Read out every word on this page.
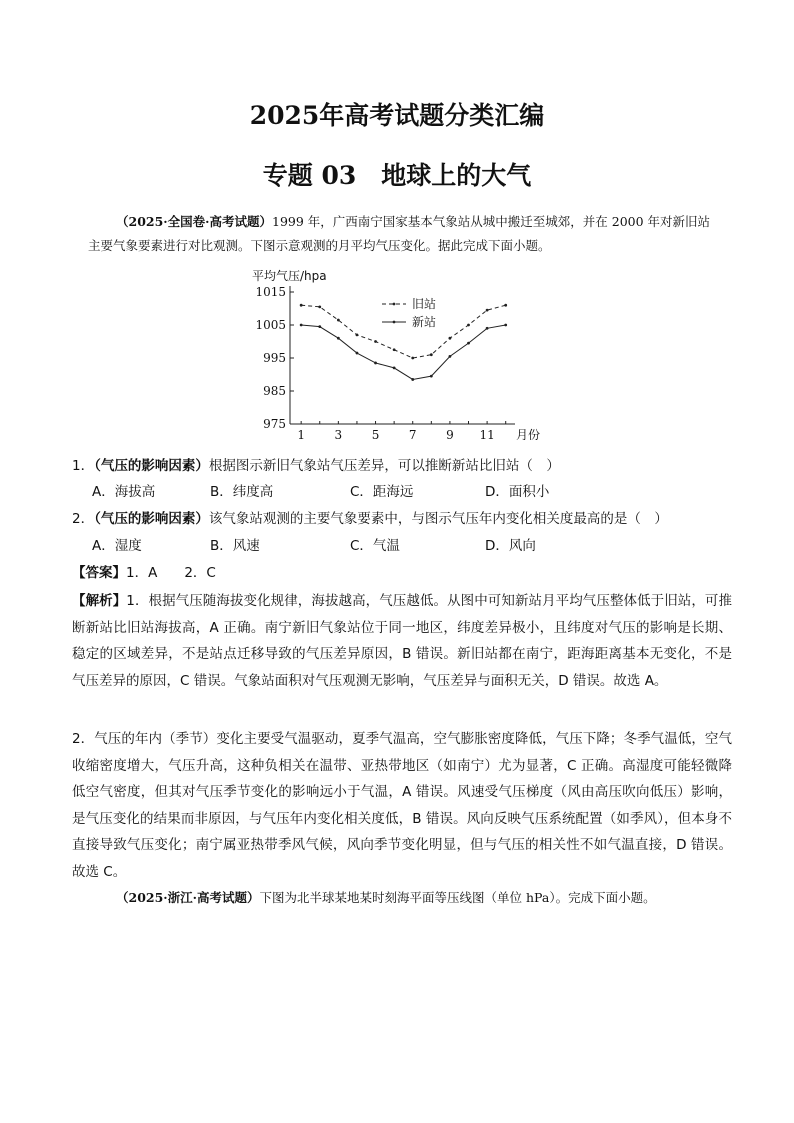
2025年高考试题分类汇编
专题 03　地球上的大气
（2025·全国卷·高考试题）1999 年，广西南宁国家基本气象站从城中搬迁至城郊，并在 2000 年对新旧站主要气象要素进行对比观测。下图示意观测的月平均气压变化。据此完成下面小题。
平均气压/hpa
1015
1005
995
985
975
1 3 5 7 9 11 月份
旧站
新站
1．（气压的影响因素）根据图示新旧气象站气压差异，可以推断新站比旧站（　）
A．海拔高	B．纬度高	C．距海远	D．面积小
2．（气压的影响因素）该气象站观测的主要气象要素中，与图示气压年内变化相关度最高的是（　）
A．湿度	B．风速	C．气温	D．风向
【答案】1．A　　2．C
【解析】1．根据气压随海拔变化规律，海拔越高，气压越低。从图中可知新站月平均气压整体低于旧站，可推断新站比旧站海拔高，A 正确。南宁新旧气象站位于同一地区，纬度差异极小，且纬度对气压的影响是长期、稳定的区域差异，不是站点迁移导致的气压差异原因，B 错误。新旧站都在南宁，距海距离基本无变化，不是气压差异的原因，C 错误。气象站面积对气压观测无影响，气压差异与面积无关，D 错误。故选 A。
2．气压的年内（季节）变化主要受气温驱动，夏季气温高，空气膨胀密度降低，气压下降；冬季气温低，空气收缩密度增大，气压升高，这种负相关在温带、亚热带地区（如南宁）尤为显著，C 正确。高湿度可能轻微降低空气密度，但其对气压季节变化的影响远小于气温，A 错误。风速受气压梯度（风由高压吹向低压）影响，是气压变化的结果而非原因，与气压年内变化相关度低，B 错误。风向反映气压系统配置（如季风），但本身不直接导致气压变化；南宁属亚热带季风气候，风向季节变化明显，但与气压的相关性不如气温直接，D 错误。故选 C。
（2025·浙江·高考试题）下图为北半球某地某时刻海平面等压线图（单位 hPa）。完成下面小题。
